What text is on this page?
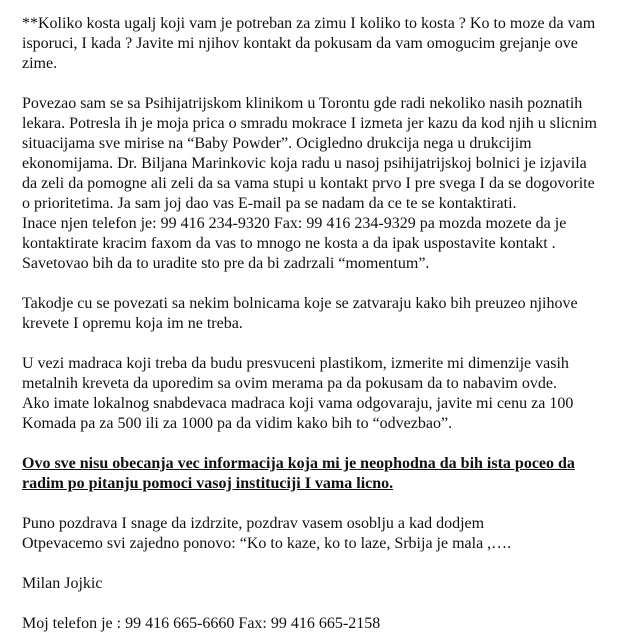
**Koliko kosta ugalj koji vam je potreban za zimu I koliko to kosta ? Ko to moze da vam
isporuci, I kada ? Javite mi njihov kontakt da pokusam da vam omogucim grejanje ove
zime.
Povezao sam se sa Psihijatrijskom klinikom u Torontu gde radi nekoliko nasih poznatih
lekara. Potresla ih je moja prica o smradu mokrace I izmeta jer kazu da kod njih u slicnim
situacijama sve mirise na “Baby Powder”. Ocigledno drukcija nega u drukcijim
ekonomijama. Dr. Biljana Marinkovic koja radu u nasoj psihijatrijskoj bolnici je izjavila
da zeli da pomogne ali zeli da sa vama stupi u kontakt prvo I pre svega I da se dogovorite
o prioritetima. Ja sam joj dao vas E-mail pa se nadam da ce te se kontaktirati.
Inace njen telefon je: 99 416 234-9320 Fax: 99 416 234-9329 pa mozda mozete da je
kontaktirate kracim faxom da vas to mnogo ne kosta a da ipak uspostavite kontakt .
Savetovao bih da to uradite sto pre da bi zadrzali “momentum”.
Takodje cu se povezati sa nekim bolnicama koje se zatvaraju kako bih preuzeo njihove
krevete I opremu koja im ne treba.
U vezi madraca koji treba da budu presvuceni plastikom, izmerite mi dimenzije vasih
metalnih kreveta da uporedim sa ovim merama pa da pokusam da to nabavim ovde.
Ako imate lokalnog snabdevaca madraca koji vama odgovaraju, javite mi cenu za 100
Komada pa za 500 ili za 1000 pa da vidim kako bih to “odvezbao”.
Ovo sve nisu obecanja vec informacija koja mi je neophodna da bih ista poceo da
radim po pitanju pomoci vasoj instituciji I vama licno.
Puno pozdrava I snage da izdrzite, pozdrav vasem osoblju a kad dodjem
Otpevacemo svi zajedno ponovo: “Ko to kaze, ko to laze, Srbija je mala ,….
Milan Jojkic
Moj telefon je : 99 416 665-6660 Fax: 99 416 665-2158
